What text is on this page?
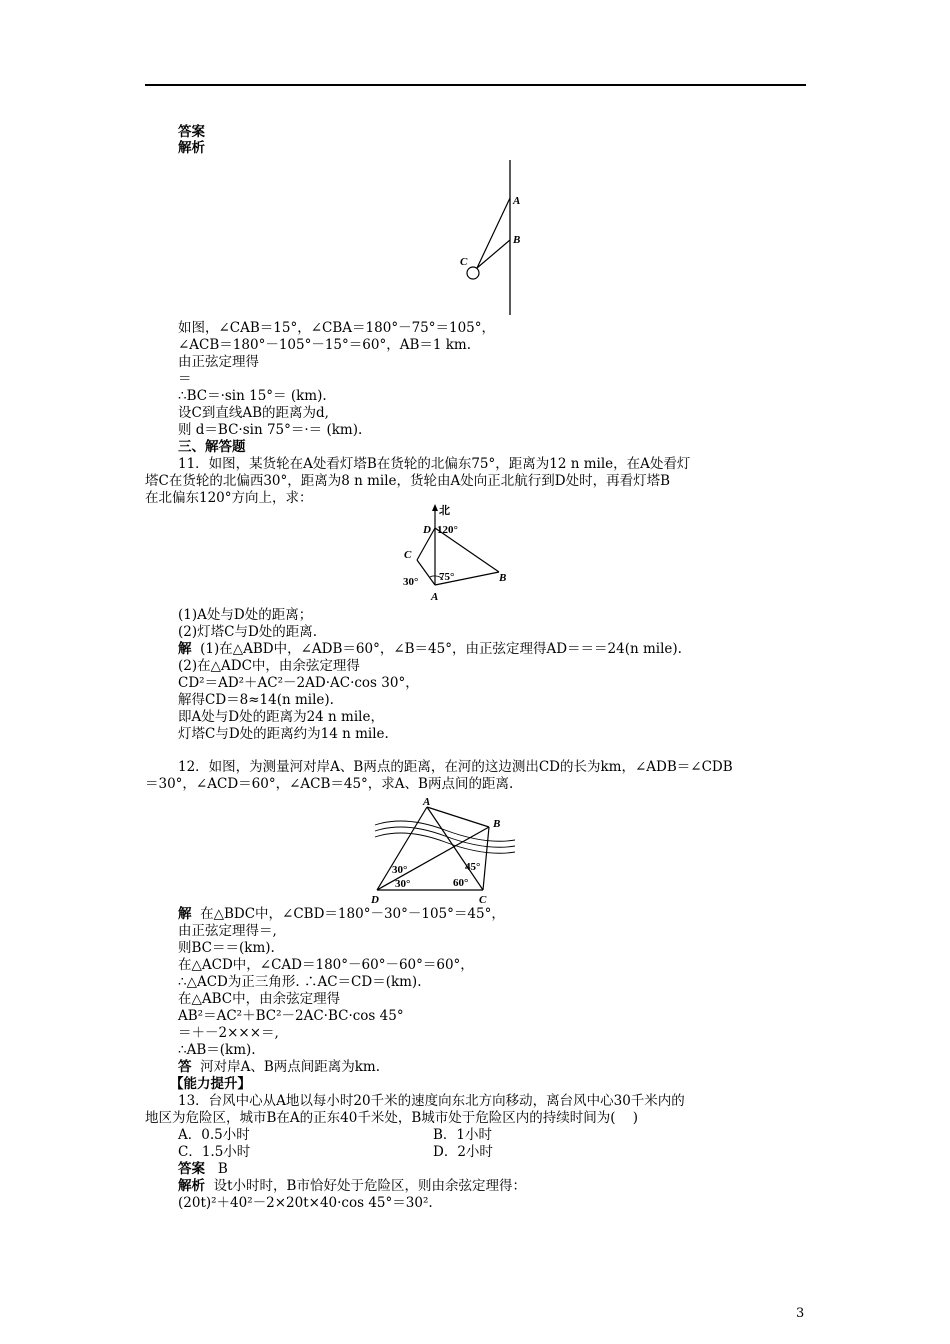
答案
解析
A
B
C
如图，∠CAB＝15°，∠CBA＝180°－75°＝105°，
∠ACB＝180°－105°－15°＝60°，AB＝1 km.
由正弦定理得
＝
∴BC＝·sin 15°＝ (km).
设C到直线AB的距离为d,
则 d＝BC·sin 75°＝·＝ (km).
三、解答题
11．如图，某货轮在A处看灯塔B在货轮的北偏东75°，距离为12 n mile，在A处看灯
塔C在货轮的北偏西30°，距离为8 n mile，货轮由A处向正北航行到D处时，再看灯塔B
在北偏东120°方向上，求：
北
D 120°
C
75°
30°
A
B
(1)A处与D处的距离；
(2)灯塔C与D处的距离.
解  (1)在△ABD中，∠ADB＝60°，∠B＝45°，由正弦定理得AD＝＝＝24(n mile).
(2)在△ADC中，由余弦定理得
CD²＝AD²＋AC²－2AD·AC·cos 30°，
解得CD＝8≈14(n mile).
即A处与D处的距离为24 n mile，
灯塔C与D处的距离约为14 n mile.
12．如图，为测量河对岸A、B两点的距离，在河的这边测出CD的长为km，∠ADB＝∠CDB
＝30°，∠ACD＝60°，∠ACB＝45°，求A、B两点间的距离.
A
B
D	C
30°
30°
45°
60°
解  在△BDC中，∠CBD＝180°－30°－105°＝45°，
由正弦定理得＝,
则BC＝＝(km).
在△ACD中，∠CAD＝180°－60°－60°＝60°，
∴△ACD为正三角形. ∴AC＝CD＝(km).
在△ABC中，由余弦定理得
AB²＝AC²＋BC²－2AC·BC·cos 45°
＝＋－2×××＝,
∴AB＝(km).
答  河对岸A、B两点间距离为km.
【能力提升】
13．台风中心从A地以每小时20千米的速度向东北方向移动，离台风中心30千米内的
地区为危险区，城市B在A的正东40千米处，B城市处于危险区内的持续时间为(    )
A．0.5小时	B．1小时
C．1.5小时	D．2小时
答案 B
解析 设t小时时，B市恰好处于危险区，则由余弦定理得：
(20t)²＋40²－2×20t×40·cos 45°＝30².
3
